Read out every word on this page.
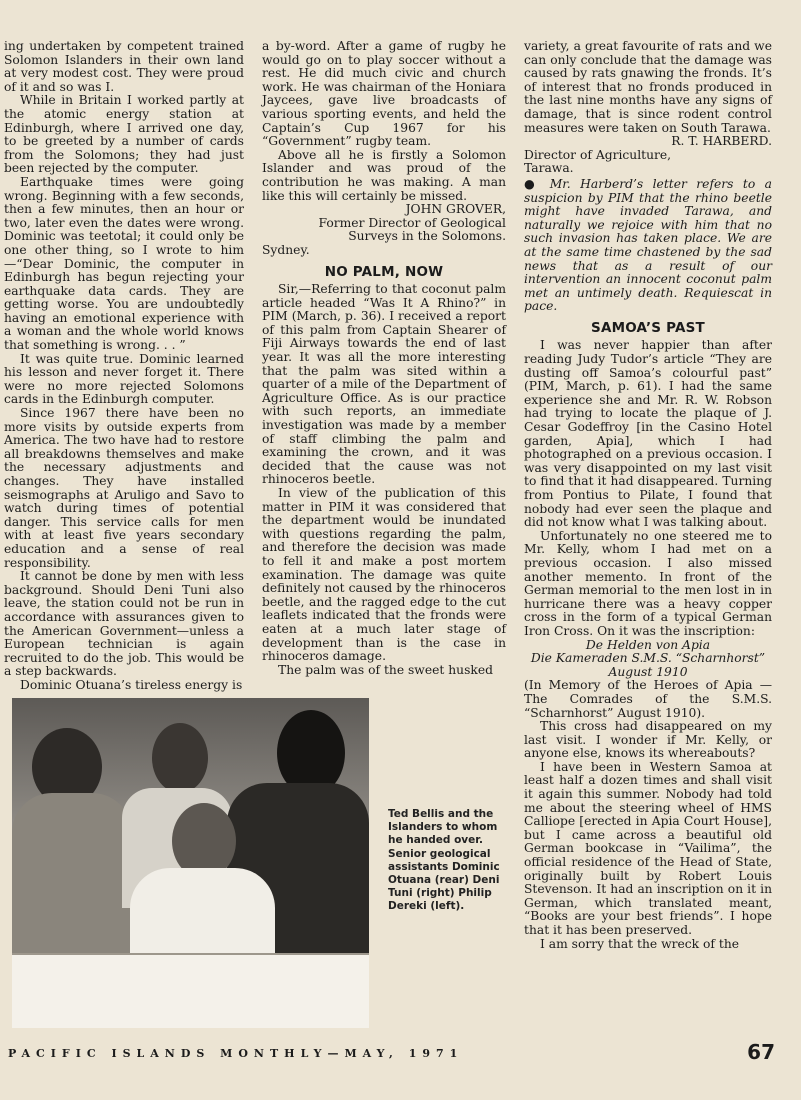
ing undertaken by competent trained Solomon Islanders in their own land at very modest cost. They were proud of it and so was I.

While in Britain I worked partly at the atomic energy station at Edinburgh, where I arrived one day, to be greeted by a number of cards from the Solomons; they had just been rejected by the computer.

Earthquake times were going wrong. Beginning with a few seconds, then a few minutes, then an hour or two, later even the dates were wrong. Dominic was teetotal; it could only be one other thing, so I wrote to him—“Dear Dominic, the computer in Edinburgh has begun rejecting your earthquake data cards. They are getting worse. You are undoubtedly having an emotional experience with a woman and the whole world knows that something is wrong. . . ”

It was quite true. Dominic learned his lesson and never forget it. There were no more rejected Solomons cards in the Edinburgh computer.

Since 1967 there have been no more visits by outside experts from America. The two have had to restore all breakdowns themselves and make the necessary adjustments and changes. They have installed seismographs at Aruligo and Savo to watch during times of potential danger. This service calls for men with at least five years secondary education and a sense of real responsibility.

It cannot be done by men with less background. Should Deni Tuni also leave, the station could not be run in accordance with assurances given to the American Government—unless a European technician is again recruited to do the job. This would be a step backwards.

Dominic Otuana’s tireless energy is

a by-word. After a game of rugby he would go on to play soccer without a rest. He did much civic and church work. He was chairman of the Honiara Jaycees, gave live broadcasts of various sporting events, and held the Captain’s Cup 1967 for his “Government” rugby team.

Above all he is firstly a Solomon Islander and was proud of the contribution he was making. A man like this will certainly be missed.

JOHN GROVER,

Former Director of Geological Surveys in the Solomons.

Sydney.

NO PALM, NOW

Sir,—Referring to that coconut palm article headed “Was It A Rhino?” in PIM (March, p. 36). I received a report of this palm from Captain Shearer of Fiji Airways towards the end of last year. It was all the more interesting that the palm was sited within a quarter of a mile of the Department of Agriculture Office. As is our practice with such reports, an immediate investigation was made by a member of staff climbing the palm and examining the crown, and it was decided that the cause was not rhinoceros beetle.

In view of the publication of this matter in PIM it was considered that the department would be inundated with questions regarding the palm, and therefore the decision was made to fell it and make a post mortem examination. The damage was quite definitely not caused by the rhinoceros beetle, and the ragged edge to the cut leaflets indicated that the fronds were eaten at a much later stage of development than is the case in rhinoceros damage.

The palm was of the sweet husked

variety, a great favourite of rats and we can only conclude that the damage was caused by rats gnawing the fronds. It’s of interest that no fronds produced in the last nine months have any signs of damage, that is since rodent control measures were taken on South Tarawa.

R. T. HARBERD.

Director of Agriculture,

Tarawa.

● Mr. Harberd’s letter refers to a suspicion by PIM that the rhino beetle might have invaded Tarawa, and naturally we rejoice with him that no such invasion has taken place. We are at the same time chastened by the sad news that as a result of our intervention an innocent coconut palm met an untimely death. Requiescat in pace.

SAMOA’S PAST

I was never happier than after reading Judy Tudor’s article “They are dusting off Samoa’s colourful past” (PIM, March, p. 61). I had the same experience she and Mr. R. W. Robson had trying to locate the plaque of J. Cesar Godeffroy [in the Casino Hotel garden, Apia], which I had photographed on a previous occasion. I was very disappointed on my last visit to find that it had disappeared. Turning from Pontius to Pilate, I found that nobody had ever seen the plaque and did not know what I was talking about.

Unfortunately no one steered me to Mr. Kelly, whom I had met on a previous occasion. I also missed another memento. In front of the German memorial to the men lost in in hurricane there was a heavy copper cross in the form of a typical German Iron Cross. On it was the inscription:

De Helden von Apia

Die Kameraden S.M.S. “Scharnhorst”

August 1910

(In Memory of the Heroes of Apia —The Comrades of the S.M.S. “Scharnhorst” August 1910).

This cross had disappeared on my last visit. I wonder if Mr. Kelly, or anyone else, knows its whereabouts?

I have been in Western Samoa at least half a dozen times and shall visit it again this summer. Nobody had told me about the steering wheel of HMS Calliope [erected in Apia Court House], but I came across a beautiful old German bookcase in “Vailima”, the official residence of the Head of State, originally built by Robert Louis Stevenson. It had an inscription on it in German, which translated meant, “Books are your best friends”. I hope that it has been preserved.

I am sorry that the wreck of the

Ted Bellis and the Islanders to whom he handed over. Senior geological assistants Dominic Otuana (rear) Deni Tuni (right) Philip Dereki (left).
PACIFIC ISLANDS MONTHLY—MAY, 1971	67
